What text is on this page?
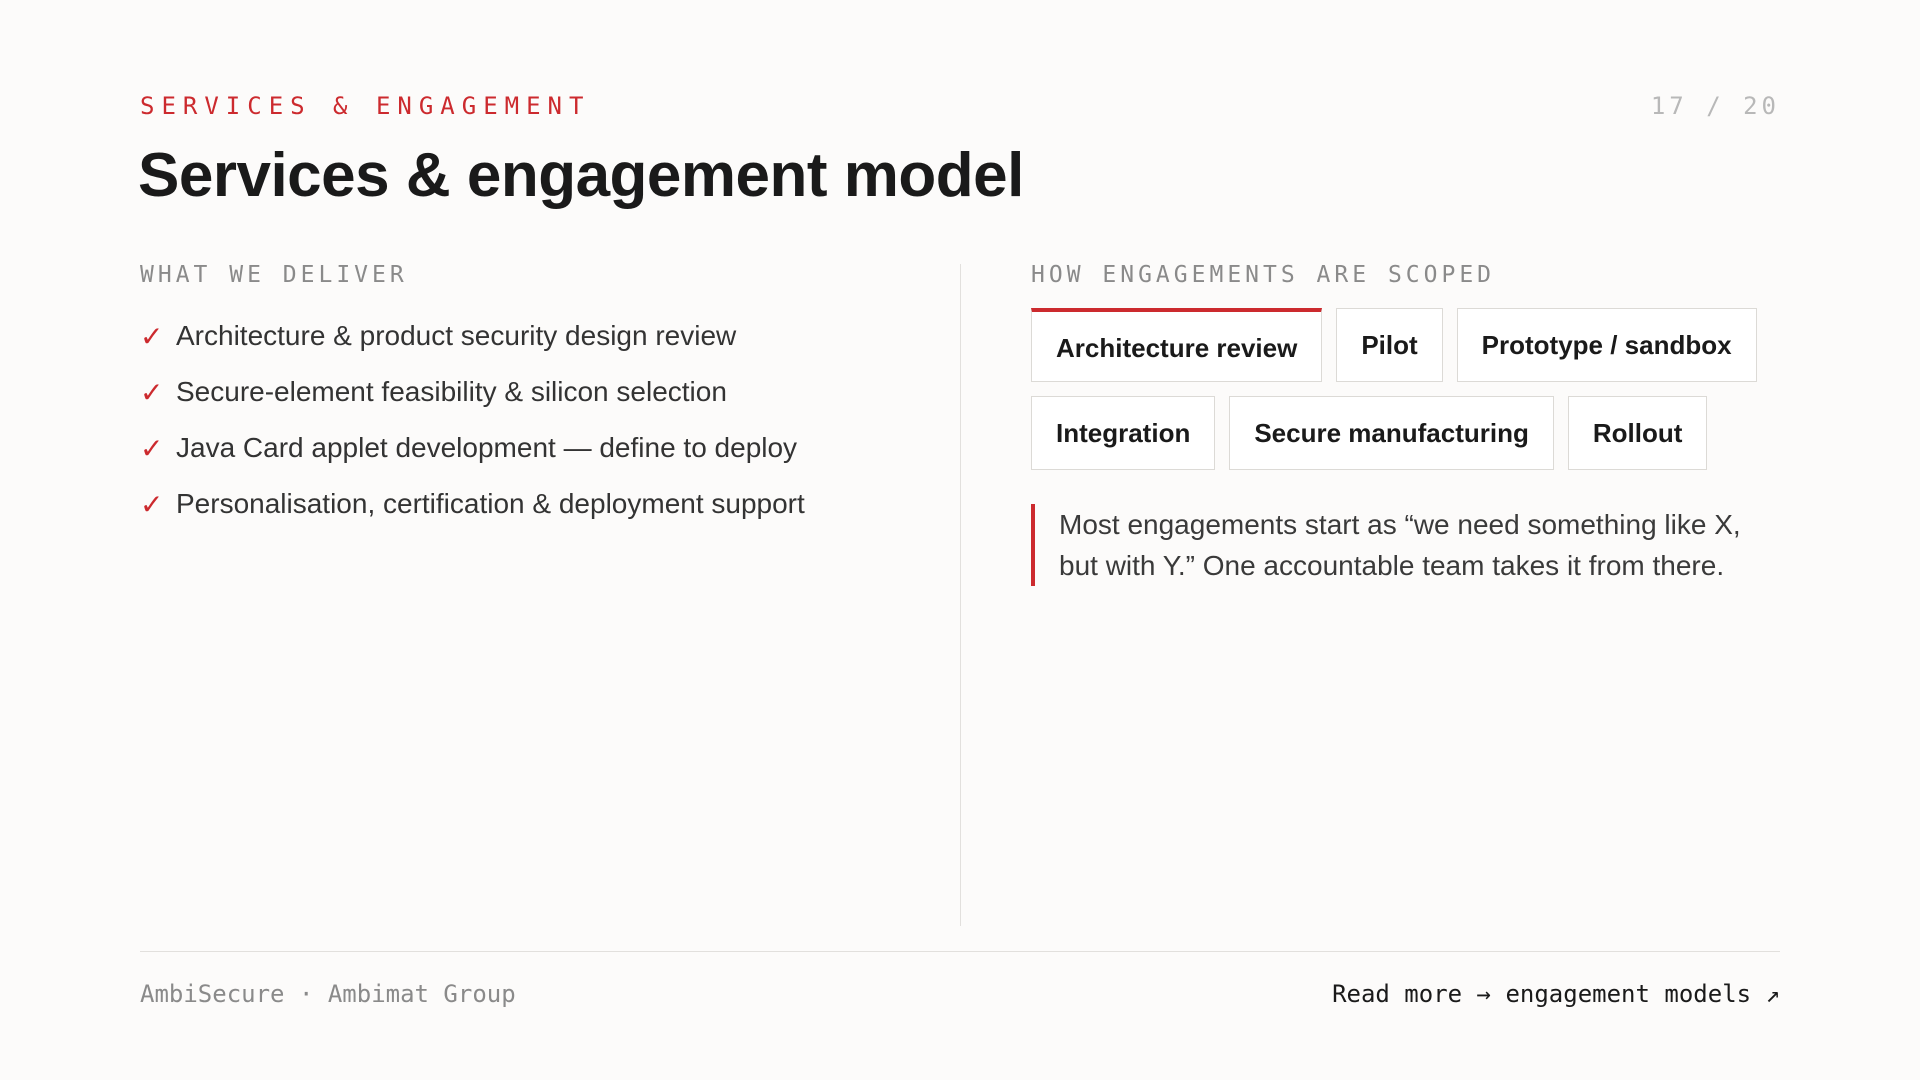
SERVICES & ENGAGEMENT	17 / 20
Services & engagement model
WHAT WE DELIVER
✓ Architecture & product security design review
✓ Secure-element feasibility & silicon selection
✓ Java Card applet development — define to deploy
✓ Personalisation, certification & deployment support
HOW ENGAGEMENTS ARE SCOPED
Architecture review	Pilot	Prototype / sandbox
Integration	Secure manufacturing	Rollout
Most engagements start as “we need something like X, but with Y.” One accountable team takes it from there.
AmbiSecure · Ambimat Group	Read more → engagement models ↗
